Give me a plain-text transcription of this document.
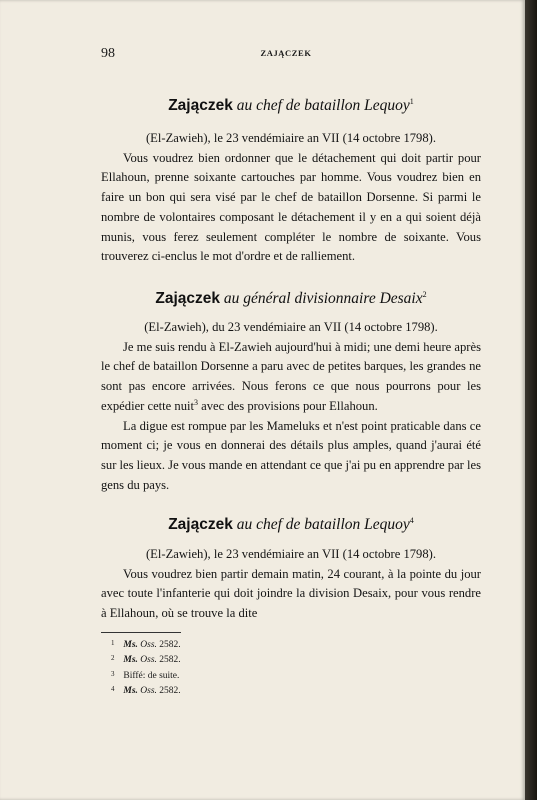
98	ZAJĄCZEK
Zajączek au chef de bataillon Lequoy$^1$
(El-Zawieh), le 23 vendémiaire an VII (14 octobre 1798).

Vous voudrez bien ordonner que le détachement qui doit partir pour Ellahoun, prenne soixante cartouches par homme. Vous voudrez bien en faire un bon qui sera visé par le chef de bataillon Dorsenne. Si parmi le nombre de volontaires composant le détachement il y en a qui soient déjà munis, vous ferez seulement compléter le nombre de soixante. Vous trouverez ci-enclus le mot d'ordre et de ralliement.

Zajączek au général divisionnaire Desaix$^2$
(El-Zawieh), du 23 vendémiaire an VII (14 octobre 1798).

Je me suis rendu à El-Zawieh aujourd'hui à midi; une demi heure après le chef de bataillon Dorsenne a paru avec de petites barques, les grandes ne sont pas encore arrivées. Nous ferons ce que nous pourrons pour les expédier cette nuit$^3$ avec des provisions pour Ellahoun.

La digue est rompue par les Mameluks et n'est point praticable dans ce moment ci; je vous en donnerai des détails plus amples, quand j'aurai été sur les lieux. Je vous mande en attendant ce que j'ai pu en apprendre par les gens du pays.

Zajączek au chef de bataillon Lequoy$^4$
(El-Zawieh), le 23 vendémiaire an VII (14 octobre 1798).

Vous voudrez bien partir demain matin, 24 courant, à la pointe du jour avec toute l'infanterie qui doit joindre la division Desaix, pour vous rendre à Ellahoun, où se trouve la dite

1 Ms. Oss. 2582.
2 Ms. Oss. 2582.
3 Biffé: de suite.
4 Ms. Oss. 2582.
